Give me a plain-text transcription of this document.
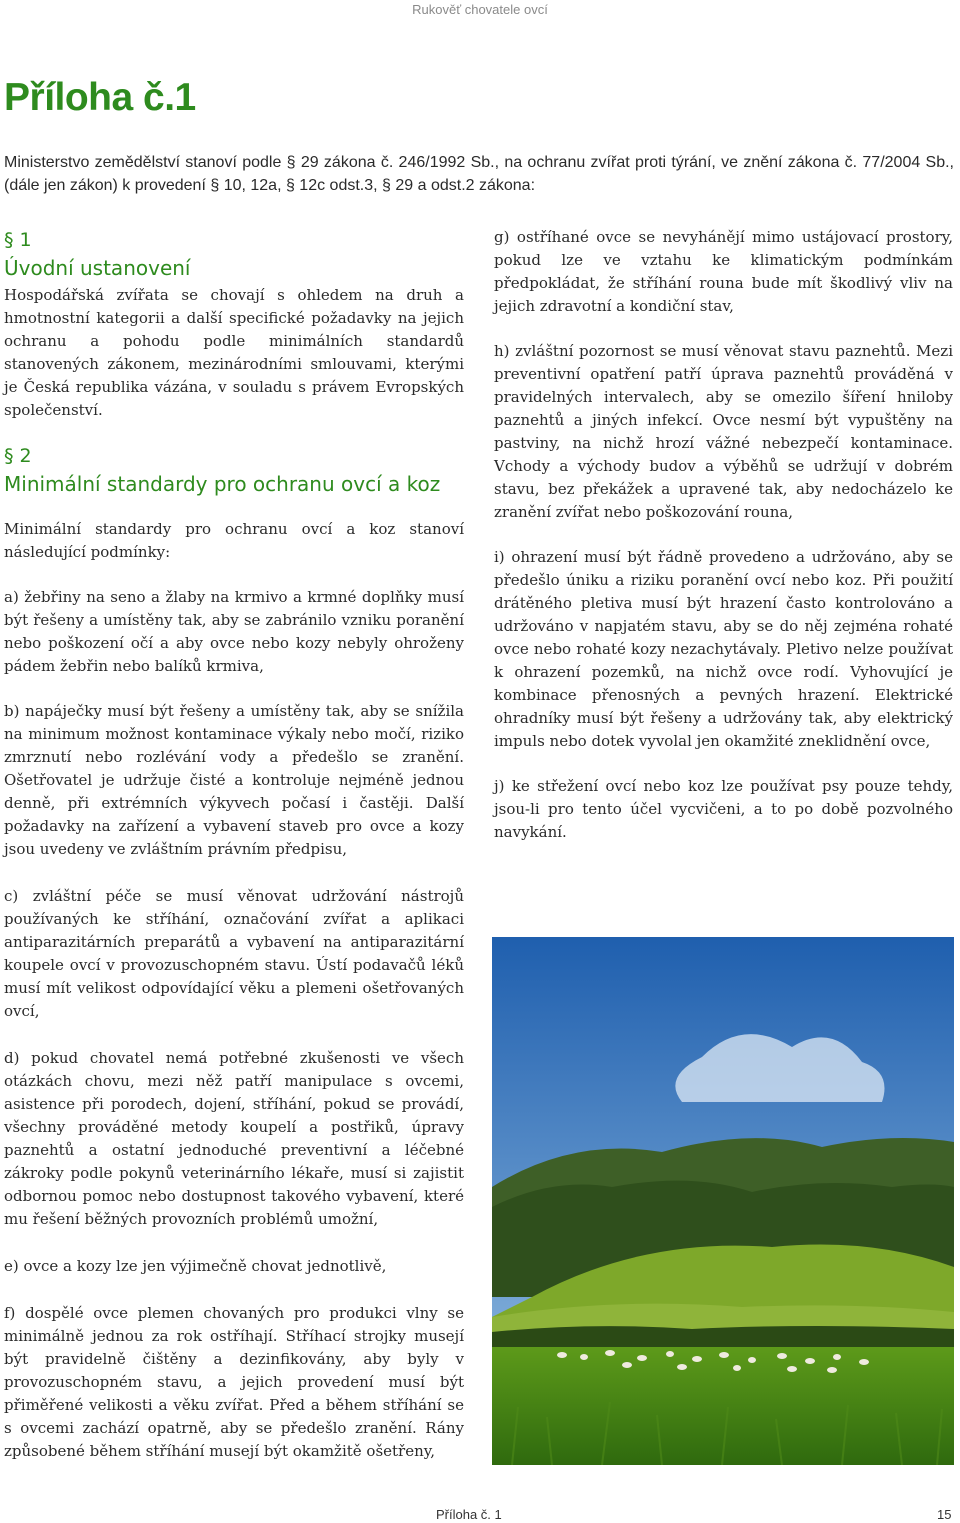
Rukověť chovatele ovcí
Příloha č.1

Ministerstvo zemědělství stanoví podle § 29 zákona č. 246/1992 Sb., na ochranu zvířat proti týrání, ve znění zákona č. 77/2004 Sb., (dále jen zákon) k provedení § 10, 12a, § 12c odst.3, § 29 a odst.2 zákona:

§ 1
Úvodní ustanovení

Hospodářská zvířata se chovají s ohledem na druh a hmotnostní kategorii a další specifické požadavky na jejich ochranu a pohodu podle minimálních standardů stanovených zákonem, mezinárodními smlouvami, kterými je Česká republika vázána, v souladu s právem Evropských společenství.

§ 2
Minimální standardy pro ochranu ovcí a koz

Minimální standardy pro ochranu ovcí a koz stanoví následující podmínky:

a) žebřiny na seno a žlaby na krmivo a krmné doplňky musí být řešeny a umístěny tak, aby se zabránilo vzniku poranění nebo poškození očí a aby ovce nebo kozy nebyly ohroženy pádem žebřin nebo balíků krmiva,

b) napáječky musí být řešeny a umístěny tak, aby se snížila na minimum možnost kontaminace výkaly nebo močí, riziko zmrznutí nebo rozlévání vody a předešlo se zranění. Ošetřovatel je udržuje čisté a kontroluje nejméně jednou denně, při extrémních výkyvech počasí i častěji. Další požadavky na zařízení a vybavení staveb pro ovce a kozy jsou uvedeny ve zvláštním právním předpisu,

c) zvláštní péče se musí věnovat udržování nástrojů používaných ke stříhání, označování zvířat a aplikaci antiparazitárních preparátů a vybavení na antiparazitární koupele ovcí v provozuschopném stavu. Ústí podavačů léků musí mít velikost odpovídající věku a plemeni ošetřovaných ovcí,

d) pokud chovatel nemá potřebné zkušenosti ve všech otázkách chovu, mezi něž patří manipulace s ovcemi, asistence při porodech, dojení, stříhání, pokud se provádí, všechny prováděné metody koupelí a postřiků, úpravy paznehtů a ostatní jednoduché preventivní a léčebné zákroky podle pokynů veterinárního lékaře, musí si zajistit odbornou pomoc nebo dostupnost takového vybavení, které mu řešení běžných provozních problémů umožní,

e) ovce a kozy lze jen výjimečně chovat jednotlivě,

f) dospělé ovce plemen chovaných pro produkci vlny se minimálně jednou za rok ostříhají. Stříhací strojky musejí být pravidelně čištěny a dezinfikovány, aby byly v provozuschopném stavu, a jejich provedení musí být přiměřené velikosti a věku zvířat. Před a během stříhání se s ovcemi zachází opatrně, aby se předešlo zranění. Rány způsobené během stříhání musejí být okamžitě ošetřeny,

g) ostříhané ovce se nevyhánějí mimo ustájovací prostory, pokud lze ve vztahu ke klimatickým podmínkám předpokládat, že stříhání rouna bude mít škodlivý vliv na jejich zdravotní a kondiční stav,

h) zvláštní pozornost se musí věnovat stavu paznehtů. Mezi preventivní opatření patří úprava paznehtů prováděná v pravidelných intervalech, aby se omezilo šíření hniloby paznehtů a jiných infekcí. Ovce nesmí být vypuštěny na pastviny, na nichž hrozí vážné nebezpečí kontaminace. Vchody a východy budov a výběhů se udržují v dobrém stavu, bez překážek a upravené tak, aby nedocházelo ke zranění zvířat nebo poškozování rouna,

i) ohrazení musí být řádně provedeno a udržováno, aby se předešlo úniku a riziku poranění ovcí nebo koz. Při použití drátěného pletiva musí být hrazení často kontrolováno a udržováno v napjatém stavu, aby se do něj zejména rohaté ovce nebo rohaté kozy nezachytávaly. Pletivo nelze používat k ohrazení pozemků, na nichž ovce rodí. Vyhovující je kombinace přenosných a pevných hrazení. Elektrické ohradníky musí být řešeny a udržovány tak, aby elektrický impuls nebo dotek vyvolal jen okamžité zneklidnění ovce,

j) ke střežení ovcí nebo koz lze používat psy pouze tehdy, jsou-li pro tento účel vycvičeni, a to po době pozvolného navykání.

Příloha č. 1	15
